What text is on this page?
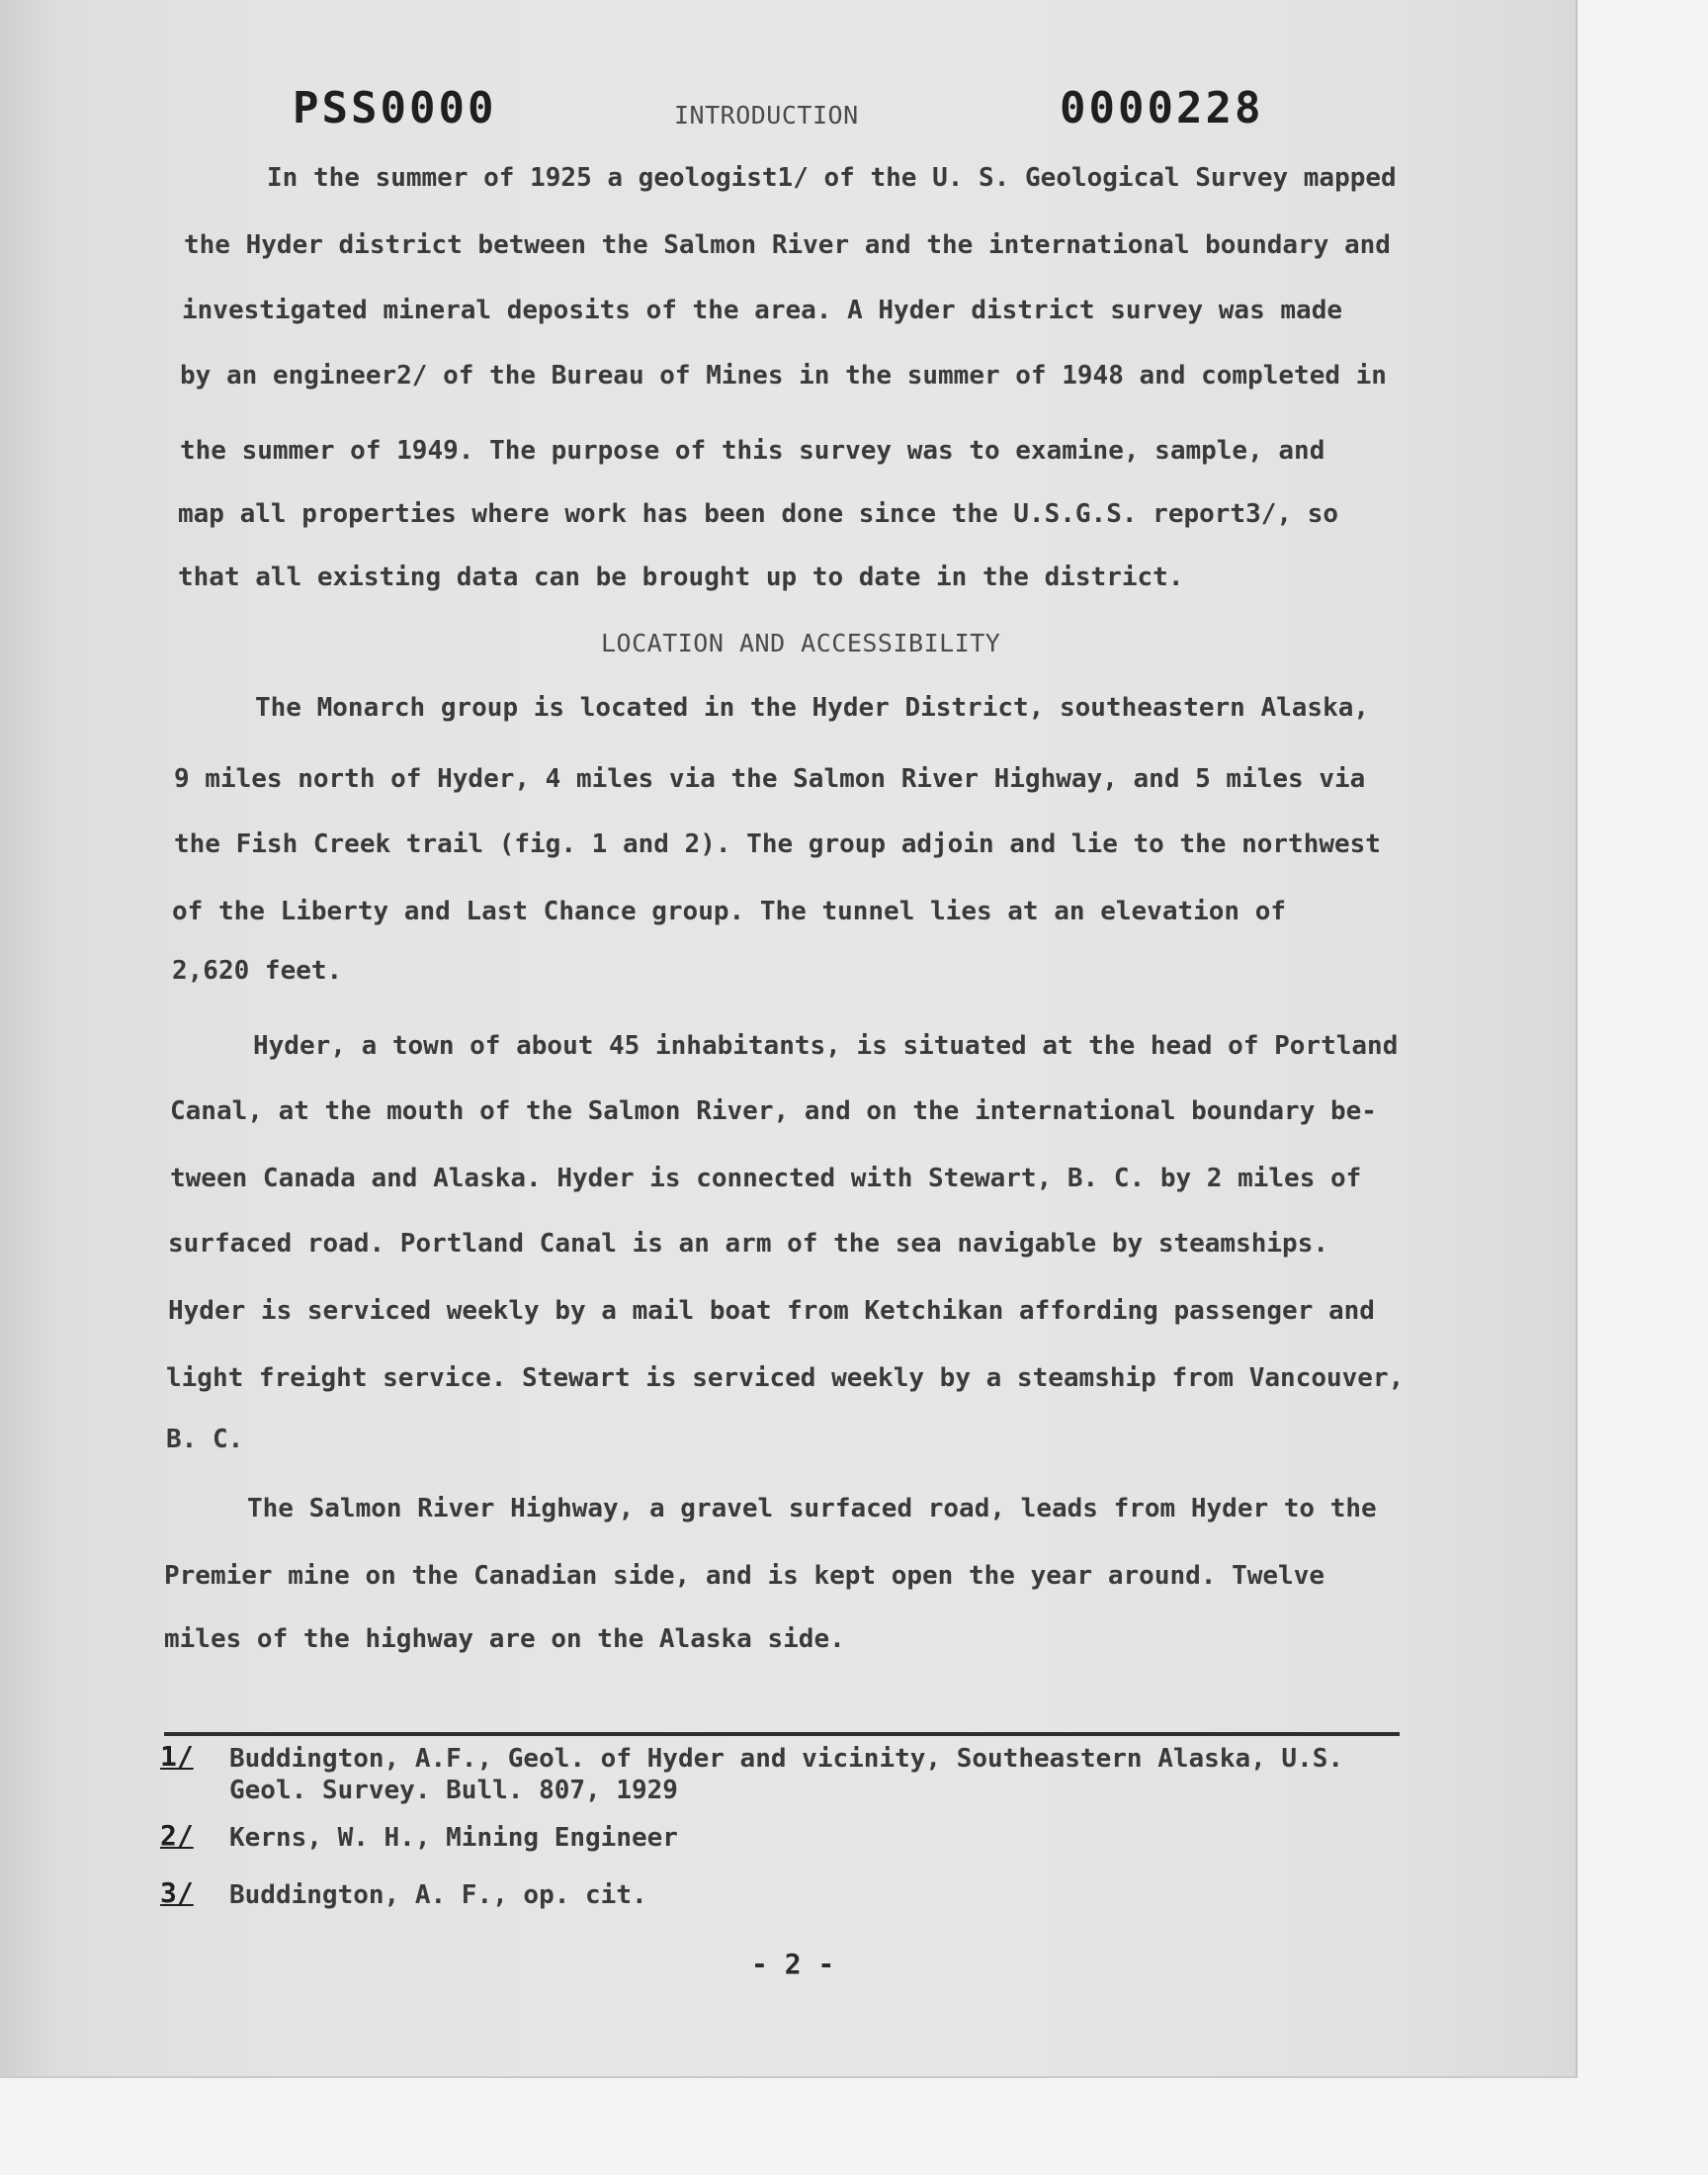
PSS0000	0000228
INTRODUCTION
In the summer of 1925 a geologist1/ of the U. S. Geological Survey mapped
the Hyder district between the Salmon River and the international boundary and
investigated mineral deposits of the area. A Hyder district survey was made
by an engineer2/ of the Bureau of Mines in the summer of 1948 and completed in
the summer of 1949. The purpose of this survey was to examine, sample, and
map all properties where work has been done since the U.S.G.S. report3/, so
that all existing data can be brought up to date in the district.
LOCATION AND ACCESSIBILITY
The Monarch group is located in the Hyder District, southeastern Alaska,
9 miles north of Hyder, 4 miles via the Salmon River Highway, and 5 miles via
the Fish Creek trail (fig. 1 and 2). The group adjoin and lie to the northwest
of the Liberty and Last Chance group. The tunnel lies at an elevation of
2,620 feet.
Hyder, a town of about 45 inhabitants, is situated at the head of Portland
Canal, at the mouth of the Salmon River, and on the international boundary be-
tween Canada and Alaska. Hyder is connected with Stewart, B. C. by 2 miles of
surfaced road. Portland Canal is an arm of the sea navigable by steamships.
Hyder is serviced weekly by a mail boat from Ketchikan affording passenger and
light freight service. Stewart is serviced weekly by a steamship from Vancouver,
B. C.
The Salmon River Highway, a gravel surfaced road, leads from Hyder to the
Premier mine on the Canadian side, and is kept open the year around. Twelve
miles of the highway are on the Alaska side.
1/ Buddington, A.F., Geol. of Hyder and vicinity, Southeastern Alaska, U.S.
Geol. Survey. Bull. 807, 1929
2/ Kerns, W. H., Mining Engineer
3/ Buddington, A. F., op. cit.
- 2 -
